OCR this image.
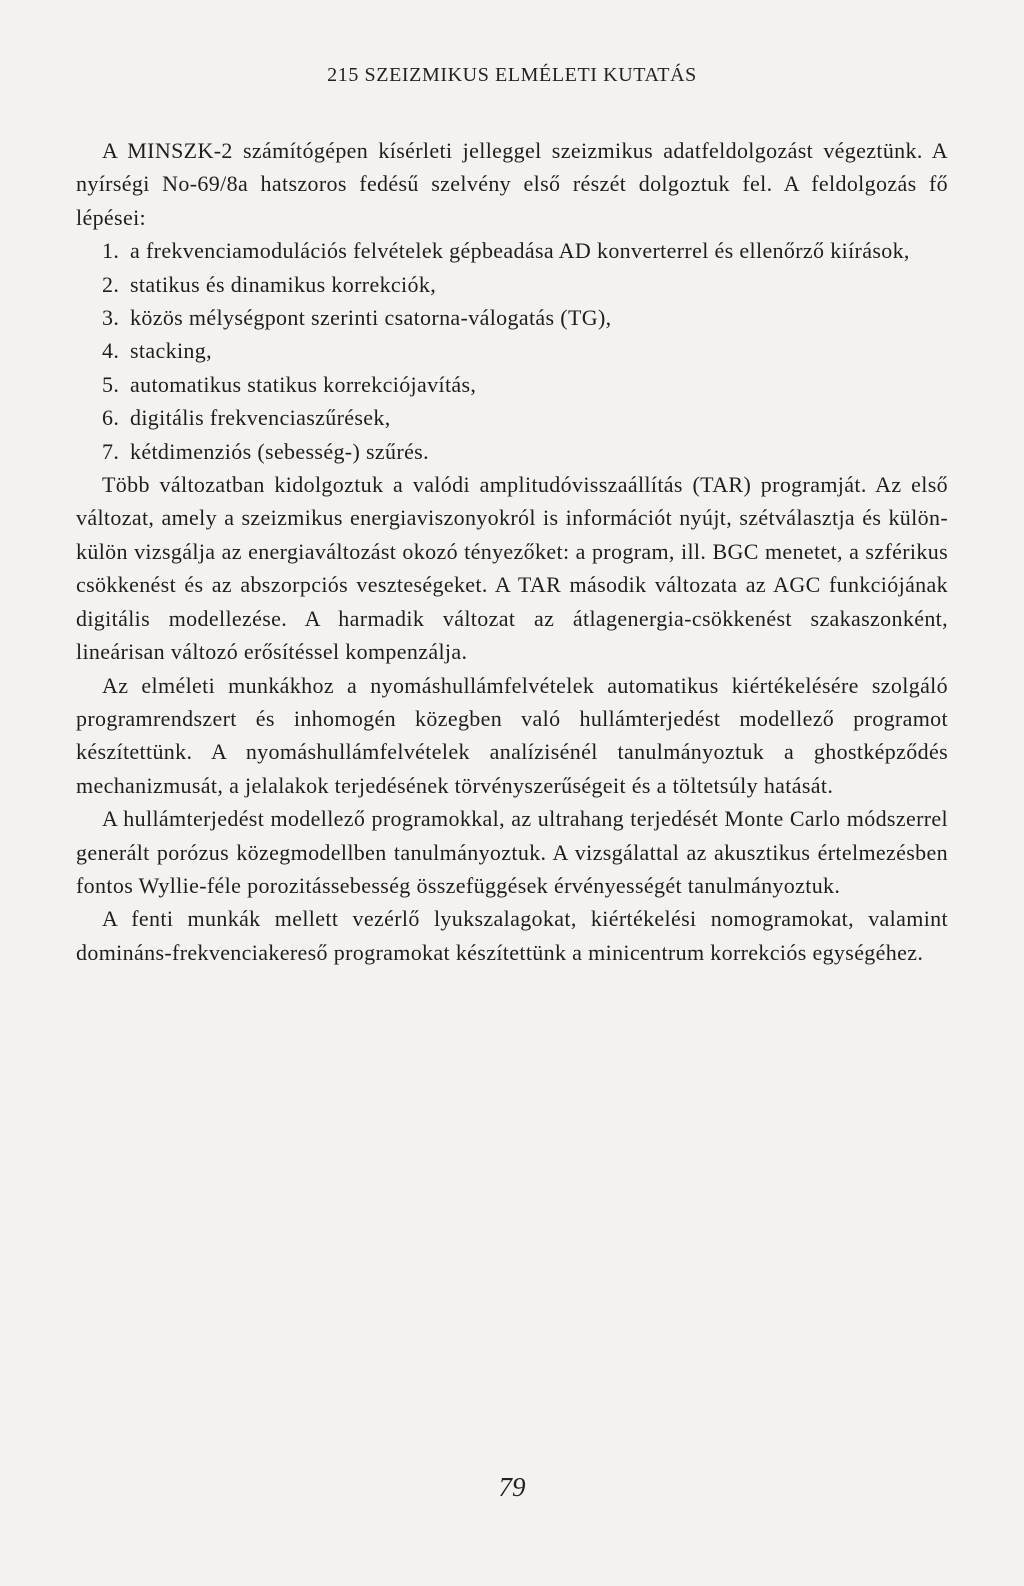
215 SZEIZMIKUS ELMÉLETI KUTATÁS

A MINSZK-2 számítógépen kísérleti jelleggel szeizmikus adatfeldolgozást végeztünk. A nyírségi No-69/8a hatszoros fedésű szelvény első részét dolgoztuk fel. A feldolgozás fő lépései:

1. a frekvenciamodulációs felvételek gépbeadása AD konverterrel és ellenőrző kiírások,
2. statikus és dinamikus korrekciók,
3. közös mélységpont szerinti csatorna-válogatás (TG),
4. stacking,
5. automatikus statikus korrekciójavítás,
6. digitális frekvenciaszűrések,
7. kétdimenziós (sebesség-) szűrés.

Több változatban kidolgoztuk a valódi amplitudóvisszaállítás (TAR) programját. Az első változat, amely a szeizmikus energiaviszonyokról is információt nyújt, szétválasztja és külön-külön vizsgálja az energiaváltozást okozó tényezőket: a program, ill. BGC menetet, a szférikus csökkenést és az abszorpciós veszteségeket. A TAR második változata az AGC funkciójának digitális modellezése. A harmadik változat az átlagenergia-csökkenést szakaszonként, lineárisan változó erősítéssel kompenzálja.

Az elméleti munkákhoz a nyomáshullámfelvételek automatikus kiértékelésére szolgáló programrendszert és inhomogén közegben való hullámterjedést modellező programot készítettünk. A nyomáshullámfelvételek analízisénél tanulmányoztuk a ghostképződés mechanizmusát, a jelalakok terjedésének törvényszerűségeit és a töltetsúly hatását.

A hullámterjedést modellező programokkal, az ultrahang terjedését Monte Carlo módszerrel generált porózus közegmodellben tanulmányoztuk. A vizsgálattal az akusztikus értelmezésben fontos Wyllie-féle porozitássebesség összefüggések érvényességét tanulmányoztuk.

A fenti munkák mellett vezérlő lyukszalagokat, kiértékelési nomogramokat, valamint domináns-frekvenciakereső programokat készítettünk a minicentrum korrekciós egységéhez.

79
